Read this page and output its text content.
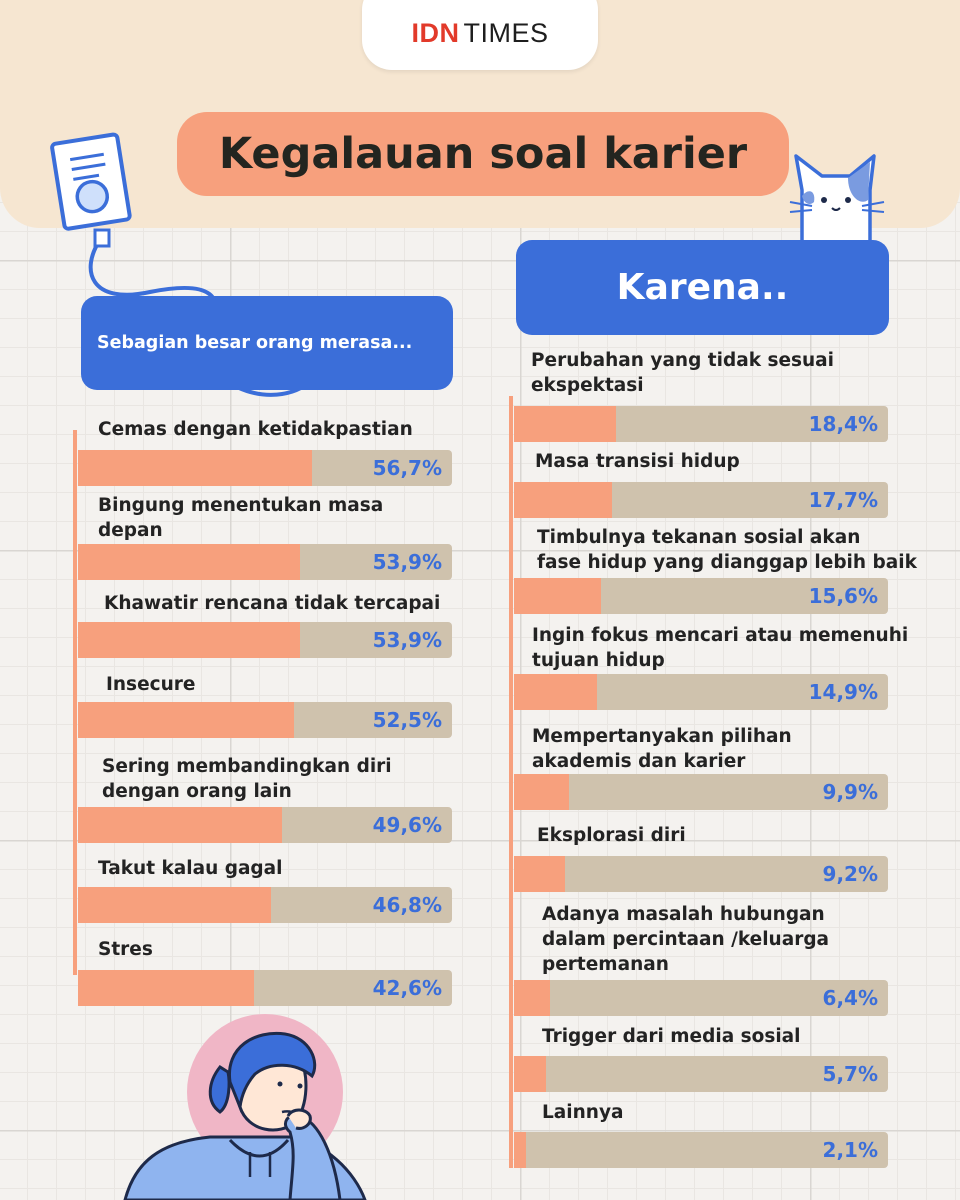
IDN TIMES
Kegalauan soal karier
Sebagian besar orang merasa...
Karena..
Cemas dengan ketidakpastian
56,7%
Bingung menentukan masa
depan
53,9%
Khawatir rencana tidak tercapai
53,9%
Insecure
52,5%
Sering membandingkan diri
dengan orang lain
49,6%
Takut kalau gagal
46,8%
Stres
42,6%
Perubahan yang tidak sesuai
ekspektasi
18,4%
Masa transisi hidup
17,7%
Timbulnya tekanan sosial akan
fase hidup yang dianggap lebih baik
15,6%
Ingin fokus mencari atau memenuhi
tujuan hidup
14,9%
Mempertanyakan pilihan
akademis dan karier
9,9%
Eksplorasi diri
9,2%
Adanya masalah hubungan
dalam percintaan /keluarga
pertemanan
6,4%
Trigger dari media sosial
5,7%
Lainnya
2,1%
